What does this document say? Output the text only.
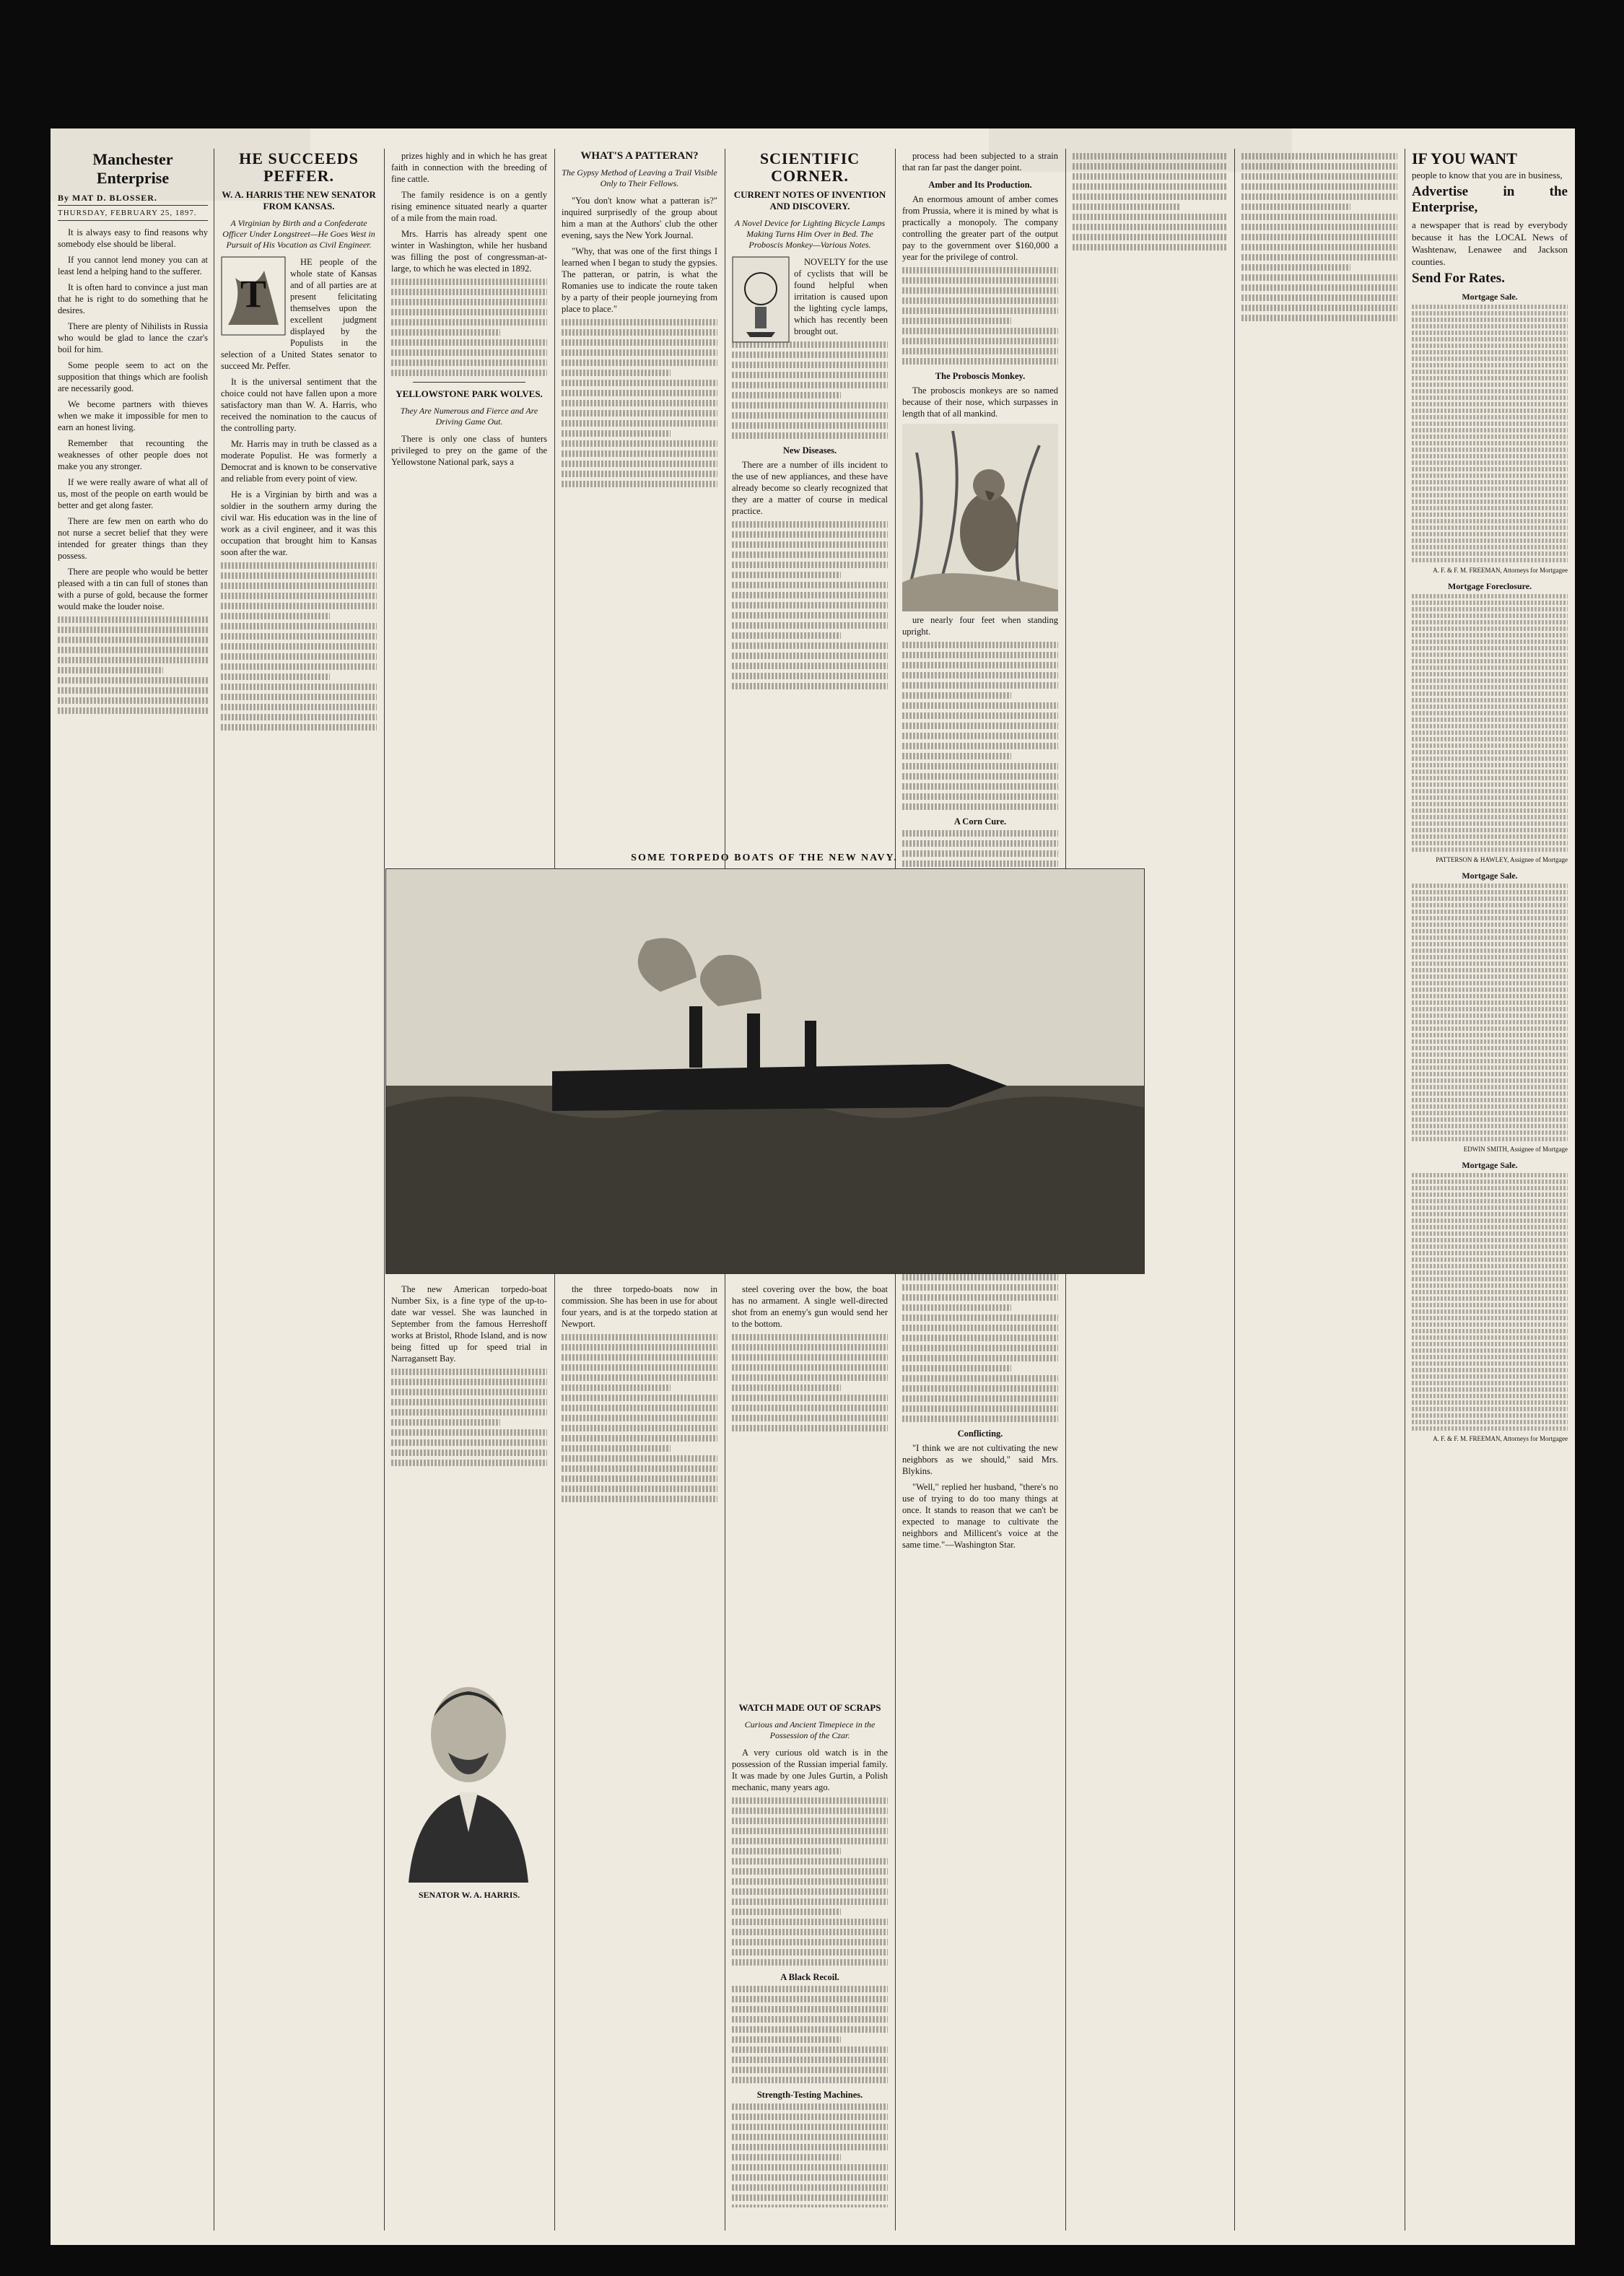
Manchester Enterprise
By MAT D. BLOSSER.
THURSDAY, FEBRUARY 25, 1897.

It is always easy to find reasons why somebody else should be liberal.

If you cannot lend money you can at least lend a helping hand to the sufferer.

It is often hard to convince a just man that he is right to do something that he desires.

There are plenty of Nihilists in Russia who would be glad to lance the czar's boil for him.

Some people seem to act on the supposition that things which are foolish are necessarily good.

We become partners with thieves when we make it impossible for men to earn an honest living.

Remember that recounting the weaknesses of other people does not make you any stronger.

If we were really aware of what all of us, most of the people on earth would be better and get along faster.

There are few men on earth who do not nurse a secret belief that they were intended for greater things than they possess.

There are people who would be better pleased with a tin can full of stones than with a purse of gold, because the former would make the louder noise.

HE SUCCEEDS PEFFER.
W. A. HARRIS THE NEW SENATOR FROM KANSAS.
A Virginian by Birth and a Confederate Officer Under Longstreet—He Goes West in Pursuit of His Vocation as Civil Engineer.
T

HE people of the whole state of Kansas and of all parties are at present felicitating themselves upon the excellent judgment displayed by the Populists in the selection of a United States senator to succeed Mr. Peffer.

It is the universal sentiment that the choice could not have fallen upon a more satisfactory man than W. A. Harris, who received the nomination to the caucus of the controlling party.

Mr. Harris may in truth be classed as a moderate Populist. He was formerly a Democrat and is known to be conservative and reliable from every point of view.

He is a Virginian by birth and was a soldier in the southern army during the civil war. His education was in the line of work as a civil engineer, and it was this occupation that brought him to Kansas soon after the war.

prizes highly and in which he has great faith in connection with the breeding of fine cattle.

The family residence is on a gently rising eminence situated nearly a quarter of a mile from the main road.

Mrs. Harris has already spent one winter in Washington, while her husband was filling the post of congressman-at-large, to which he was elected in 1892.

YELLOWSTONE PARK WOLVES.
They Are Numerous and Fierce and Are Driving Game Out.

There is only one class of hunters privileged to prey on the game of the Yellowstone National park, says a

WHAT'S A PATTERAN?
The Gypsy Method of Leaving a Trail Visible Only to Their Fellows.

"You don't know what a patteran is?" inquired surprisedly of the group about him a man at the Authors' club the other evening, says the New York Journal.

"Why, that was one of the first things I learned when I began to study the gypsies. The patteran, or patrin, is what the Romanies use to indicate the route taken by a party of their people journeying from place to place."

SCIENTIFIC CORNER.
CURRENT NOTES OF INVENTION AND DISCOVERY.
A Novel Device for Lighting Bicycle Lamps Making Turns Him Over in Bed. The Proboscis Monkey—Various Notes.

NOVELTY for the use of cyclists that will be found helpful when irritation is caused upon the lighting cycle lamps, which has recently been brought out.

New Diseases.

There are a number of ills incident to the use of new appliances, and these have already become so clearly recognized that they are a matter of course in medical practice.

process had been subjected to a strain that ran far past the danger point.

Amber and Its Production.

An enormous amount of amber comes from Prussia, where it is mined by what is practically a monopoly. The company controlling the greater part of the output pay to the government over $160,000 a year for the privilege of control.

The Proboscis Monkey.

The proboscis monkeys are so named because of their nose, which surpasses in length that of all mankind.

ure nearly four feet when standing upright.

A Corn Cure.
Conflicting.

"I think we are not cultivating the new neighbors as we should," said Mrs. Blykins.

"Well," replied her husband, "there's no use of trying to do too many things at once. It stands to reason that we can't be expected to manage to cultivate the neighbors and Millicent's voice at the same time."—Washington Star.

IF YOU WANT
people to know that you are in business,
Advertise in the Enterprise,
a newspaper that is read by everybody because it has the LOCAL News of Washtenaw, Lenawee and Jackson counties.
Send For Rates.
Mortgage Sale.
A. F. & F. M. FREEMAN, Attorneys for Mortgagee
Mortgage Foreclosure.
PATTERSON & HAWLEY, Assignee of Mortgage
Mortgage Sale.
EDWIN SMITH, Assignee of Mortgage
Mortgage Sale.
A. F. & F. M. FREEMAN, Attorneys for Mortgagee
SOME TORPEDO BOATS OF THE NEW NAVY.

The new American torpedo-boat Number Six, is a fine type of the up-to-date war vessel. She was launched in September from the famous Herreshoff works at Bristol, Rhode Island, and is now being fitted up for speed trial in Narragansett Bay.

the three torpedo-boats now in commission. She has been in use for about four years, and is at the torpedo station at Newport.

steel covering over the bow, the boat has no armament. A single well-directed shot from an enemy's gun would send her to the bottom.

SENATOR W. A. HARRIS.
WATCH MADE OUT OF SCRAPS
Curious and Ancient Timepiece in the Possession of the Czar.

A very curious old watch is in the possession of the Russian imperial family. It was made by one Jules Gurtin, a Polish mechanic, many years ago.

A Black Recoil.
Strength-Testing Machines.
